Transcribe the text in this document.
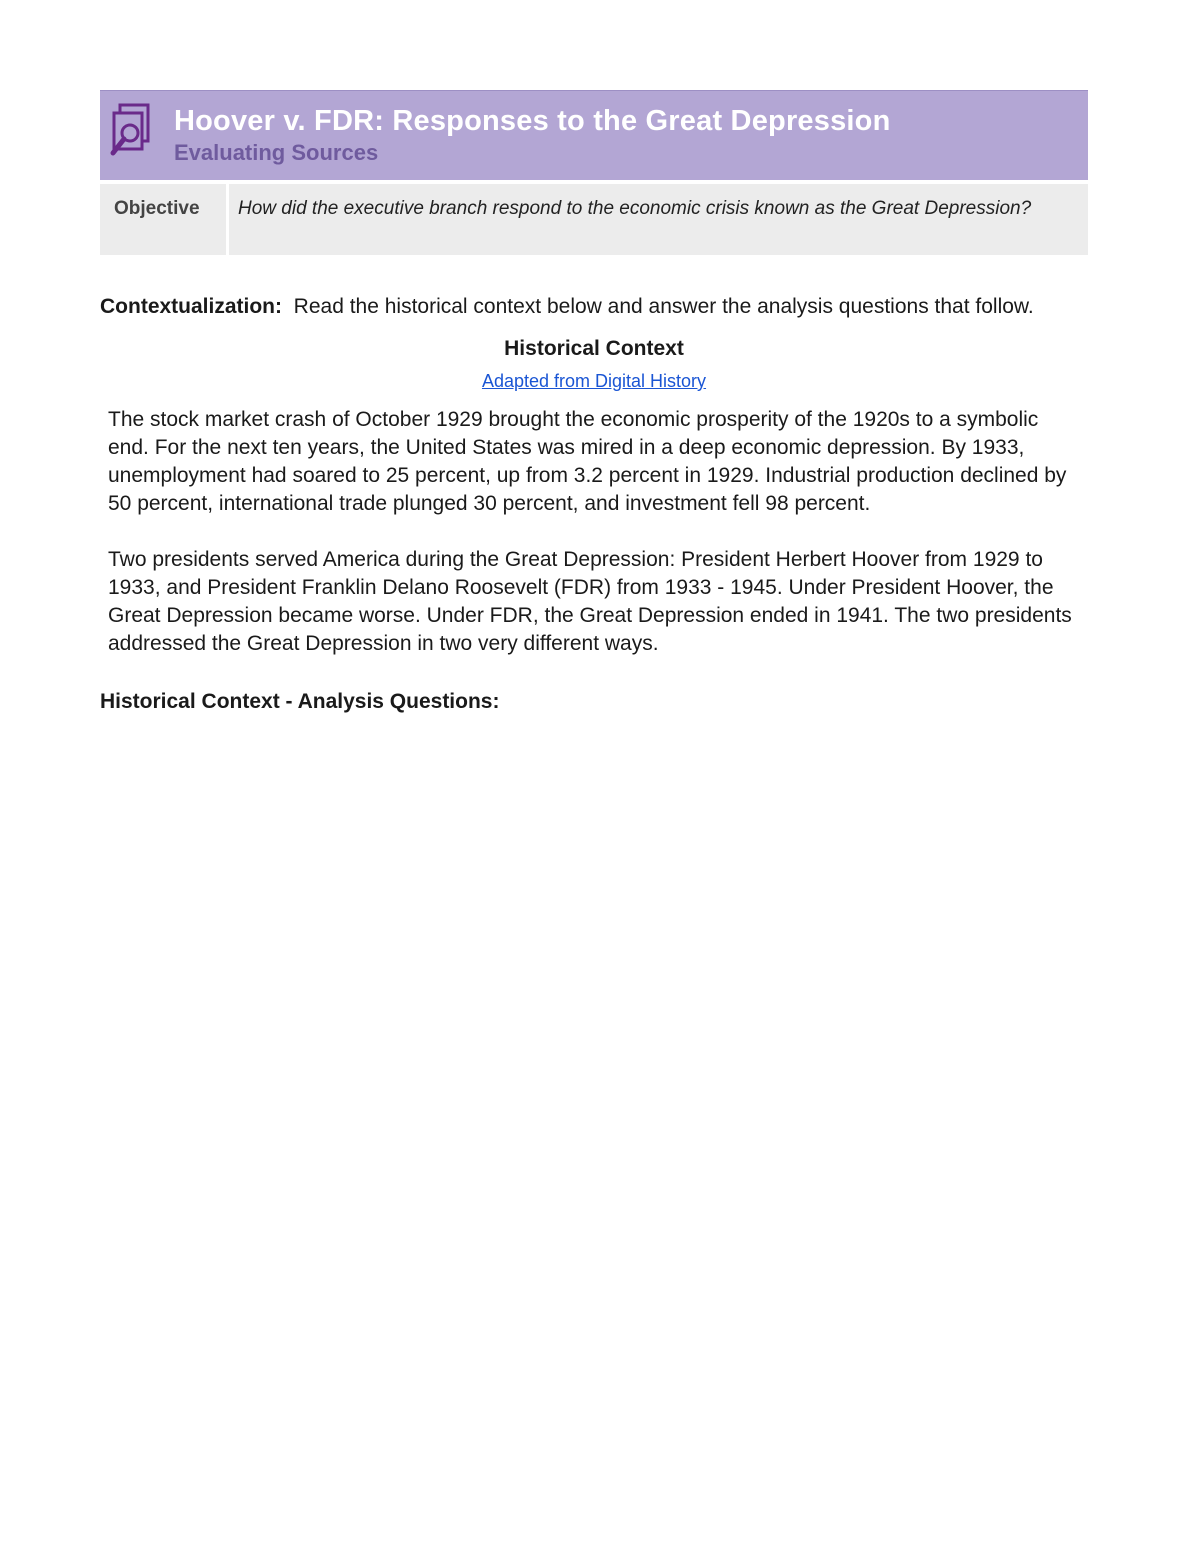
Hoover v. FDR: Responses to the Great Depression
Evaluating Sources
Objective	How did the executive branch respond to the economic crisis known as the Great Depression?
Contextualization: Read the historical context below and answer the analysis questions that follow.
Historical Context
Adapted from Digital History

The stock market crash of October 1929 brought the economic prosperity of the 1920s to a symbolic end. For the next ten years, the United States was mired in a deep economic depression. By 1933, unemployment had soared to 25 percent, up from 3.2 percent in 1929. Industrial production declined by 50 percent, international trade plunged 30 percent, and investment fell 98 percent.

Two presidents served America during the Great Depression: President Herbert Hoover from 1929 to 1933, and President Franklin Delano Roosevelt (FDR) from 1933 - 1945. Under President Hoover, the Great Depression became worse. Under FDR, the Great Depression ended in 1941. The two presidents addressed the Great Depression in two very different ways.

Historical Context - Analysis Questions:
